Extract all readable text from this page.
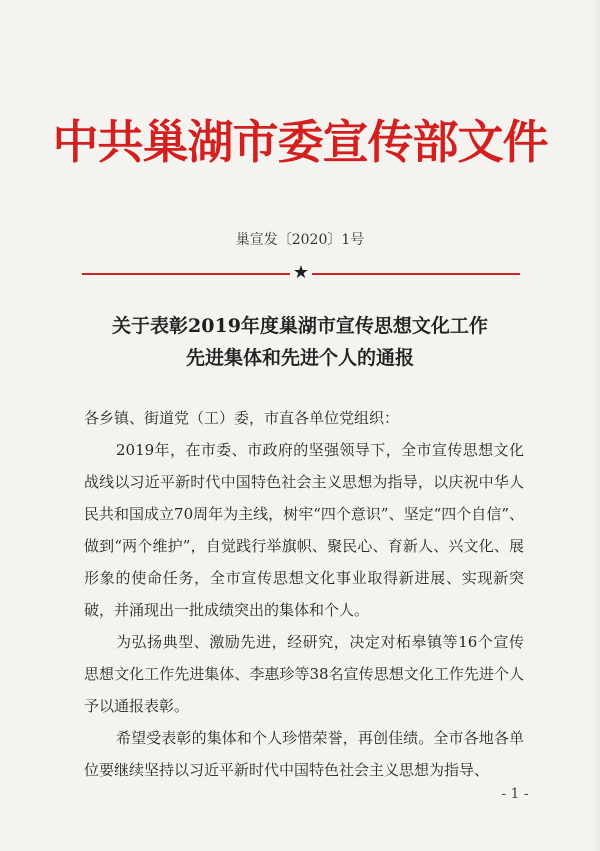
中共巢湖市委宣传部文件
巢宣发〔2020〕1号
★
关于表彰2019年度巢湖市宣传思想文化工作
先进集体和先进个人的通报

各乡镇、街道党（工）委，市直各单位党组织：

2019年，在市委、市政府的坚强领导下，全市宣传思想文化战线以习近平新时代中国特色社会主义思想为指导，以庆祝中华人民共和国成立70周年为主线，树牢“四个意识”、坚定“四个自信”、做到“两个维护”，自觉践行举旗帜、聚民心、育新人、兴文化、展形象的使命任务，全市宣传思想文化事业取得新进展、实现新突破，并涌现出一批成绩突出的集体和个人。

为弘扬典型、激励先进，经研究，决定对柘皋镇等16个宣传思想文化工作先进集体、李惠珍等38名宣传思想文化工作先进个人予以通报表彰。

希望受表彰的集体和个人珍惜荣誉，再创佳绩。全市各地各单位要继续坚持以习近平新时代中国特色社会主义思想为指导、

- 1 -
